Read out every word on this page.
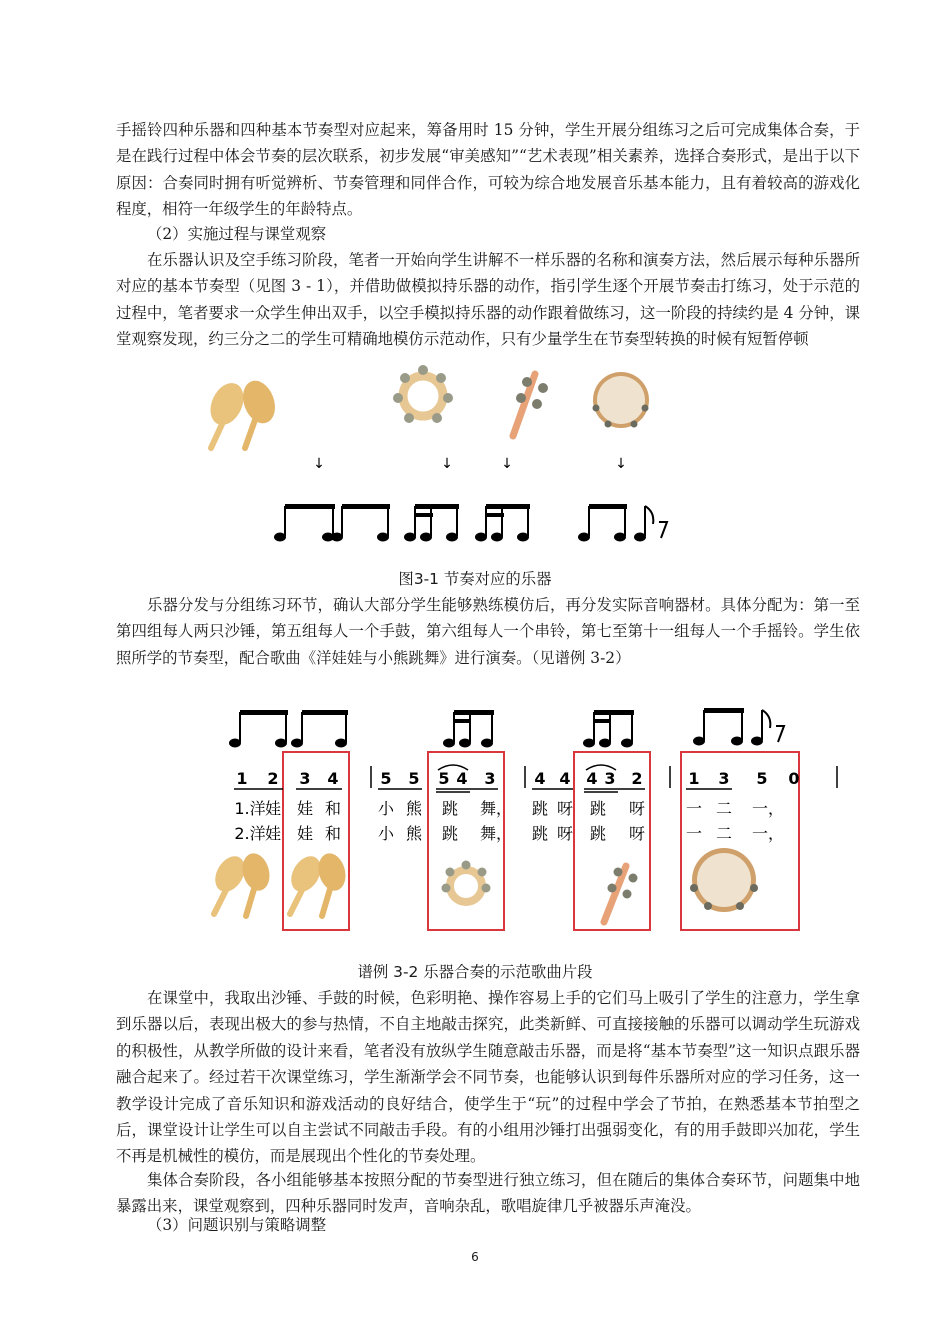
手摇铃四种乐器和四种基本节奏型对应起来，筹备用时 15 分钟，学生开展分组练习之后可完成集体合奏，于是在践行过程中体会节奏的层次联系，初步发展“审美感知”“艺术表现”相关素养，选择合奏形式，是出于以下原因：合奏同时拥有听觉辨析、节奏管理和同伴合作，可较为综合地发展音乐基本能力，且有着较高的游戏化程度，相符一年级学生的年龄特点。

（2）实施过程与课堂观察

在乐器认识及空手练习阶段，笔者一开始向学生讲解不一样乐器的名称和演奏方法，然后展示每种乐器所对应的基本节奏型（见图 3 - 1），并借助做模拟持乐器的动作，指引学生逐个开展节奏击打练习，处于示范的过程中，笔者要求一众学生伸出双手，以空手模拟持乐器的动作跟着做练习，这一阶段的持续约是 4 分钟，课堂观察发现，约三分之二的学生可精确地模仿示范动作，只有少量学生在节奏型转换的时候有短暂停顿

↓	↓	↓	↓

图3-1 节奏对应的乐器

乐器分发与分组练习环节，确认大部分学生能够熟练模仿后，再分发实际音响器材。具体分配为：第一至第四组每人两只沙锤，第五组每人一个手鼓，第六组每人一个串铃，第七至第十一组每人一个手摇铃。学生依照所学的节奏型，配合歌曲《洋娃娃与小熊跳舞》进行演奏。（见谱例 3-2）

1 2 3 4	5 5 5 4 3 4 4 4 3 2	1 3 5 0
1.洋 娃 娃 和 小 熊 跳 舞， 跳 呀 跳 呀	一 二 一，
2.洋 娃 娃 和 小 熊 跳 舞， 跳 呀 跳 呀	一 二 一，

谱例 3-2 乐器合奏的示范歌曲片段

在课堂中，我取出沙锤、手鼓的时候，色彩明艳、操作容易上手的它们马上吸引了学生的注意力，学生拿到乐器以后，表现出极大的参与热情，不自主地敲击探究，此类新鲜、可直接接触的乐器可以调动学生玩游戏的积极性，从教学所做的设计来看，笔者没有放纵学生随意敲击乐器，而是将“基本节奏型”这一知识点跟乐器融合起来了。经过若干次课堂练习，学生渐渐学会不同节奏，也能够认识到每件乐器所对应的学习任务，这一教学设计完成了音乐知识和游戏活动的良好结合，使学生于“玩”的过程中学会了节拍，在熟悉基本节拍型之后，课堂设计让学生可以自主尝试不同敲击手段。有的小组用沙锤打出强弱变化，有的用手鼓即兴加花，学生不再是机械性的模仿，而是展现出个性化的节奏处理。

集体合奏阶段，各小组能够基本按照分配的节奏型进行独立练习，但在随后的集体合奏环节，问题集中地暴露出来，课堂观察到，四种乐器同时发声，音响杂乱，歌唱旋律几乎被器乐声淹没。

（3）问题识别与策略调整

6
